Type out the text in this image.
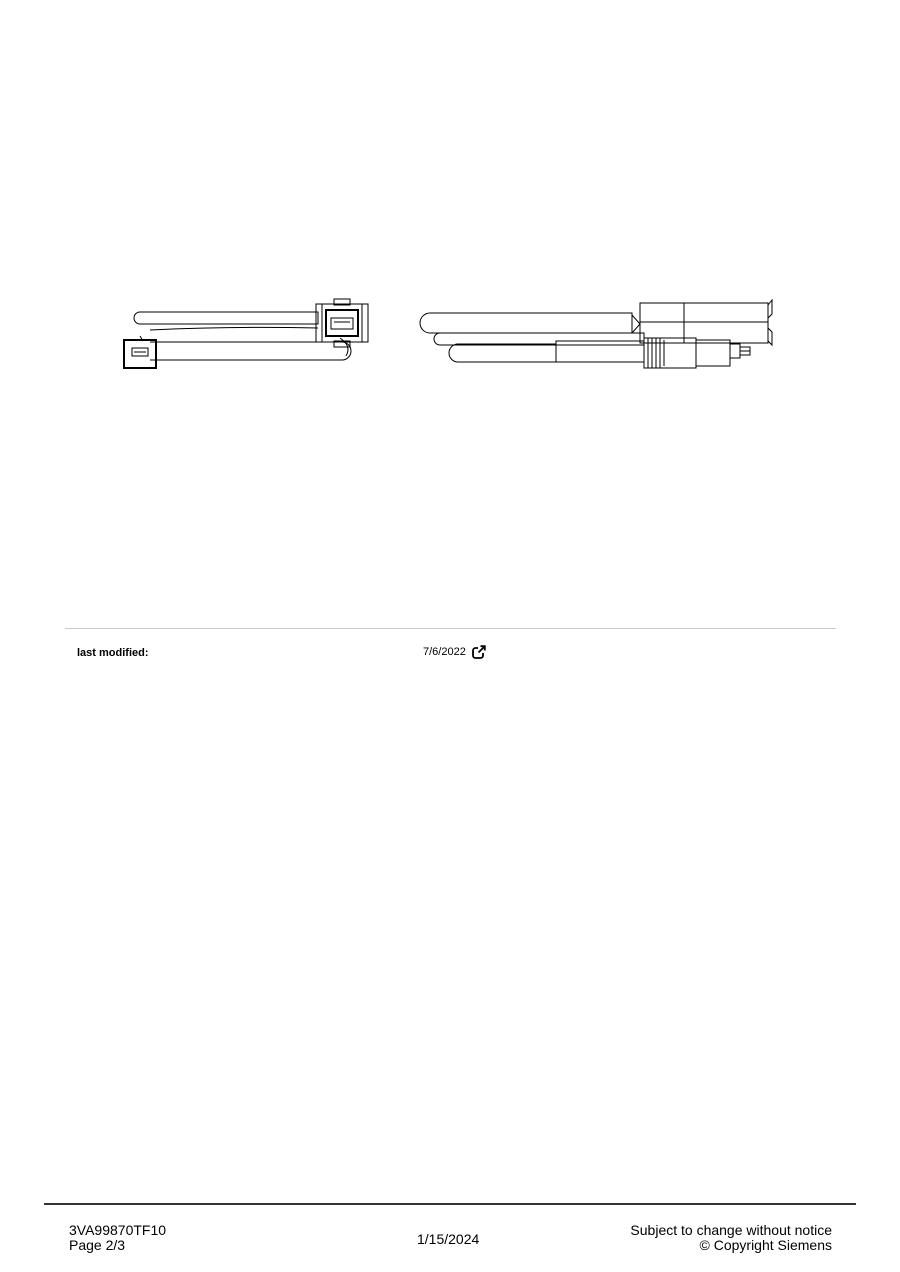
last modified:	7/6/2022
3VA99870TF10
Page 2/3	1/15/2024
Subject to change without notice
© Copyright Siemens
